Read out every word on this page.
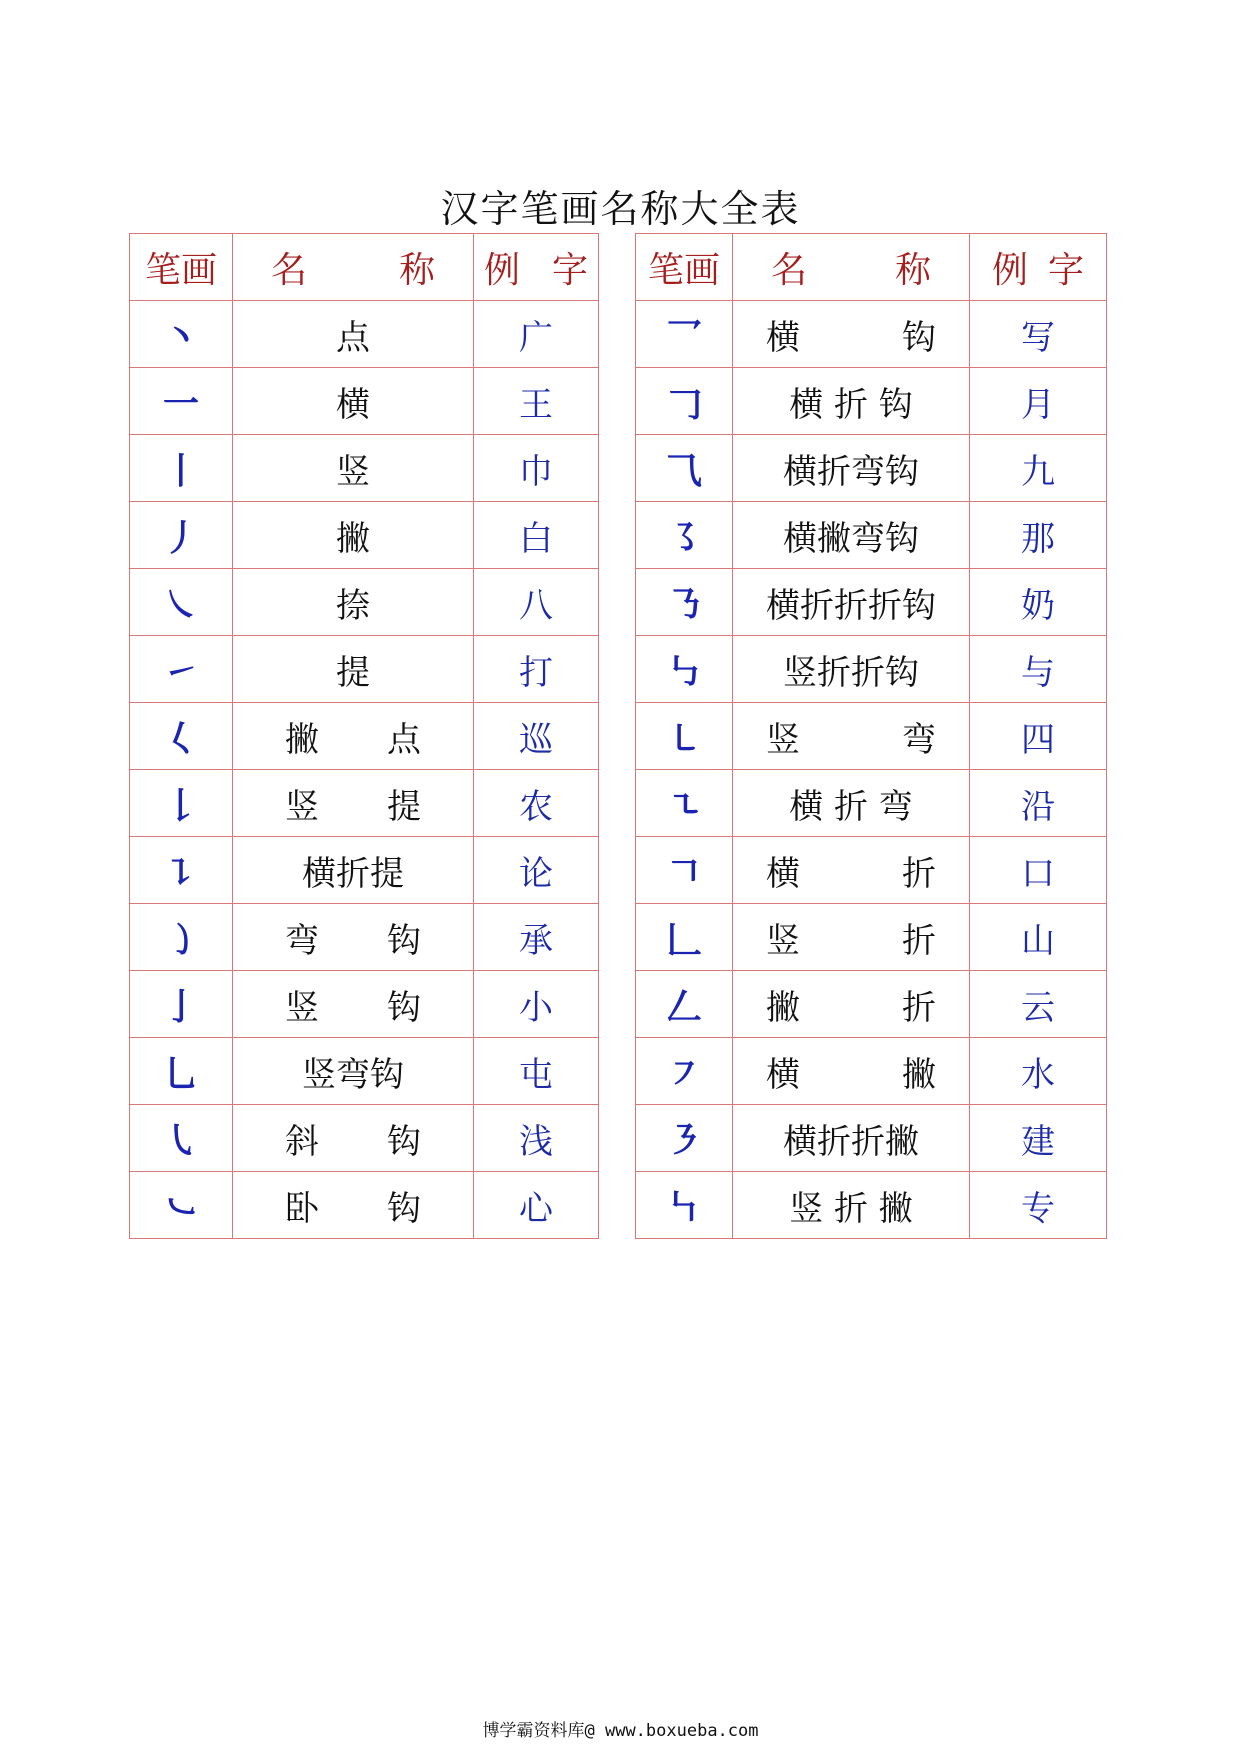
汉字笔画名称大全表
笔画	名 称	例 字		笔画	名 称	例 字

丶	点	广		乛	横　　　钩	写
一	横	王		𠃌	横 折 钩	月
丨	竖	巾		⺄	横折弯钩	九
丿	撇	白		㇌	横撇弯钩	那
㇏	捺	八		㇡	横折折折钩	奶
㇀	提	打		㇉	竖折折钩	与
𡿨	撇　　点	巡		㇄	竖　　　弯	四
𠄌	竖　　提	农		㇍	横 折 弯	沿
㇊	横折提	论		𠃍	横　　　折	口
㇁	弯　　钩	承		𠃊	竖　　　折	山
亅	竖　　钩	小		𠃋	撇　　　折	云
乚	竖弯钩	屯		㇇	横　　　撇	水
㇂	斜　　钩	浅		㇋	横折折撇	建
㇃	卧　　钩	心		㇞	竖 折 撇	专
博学霸资料库@ www.boxueba.com
